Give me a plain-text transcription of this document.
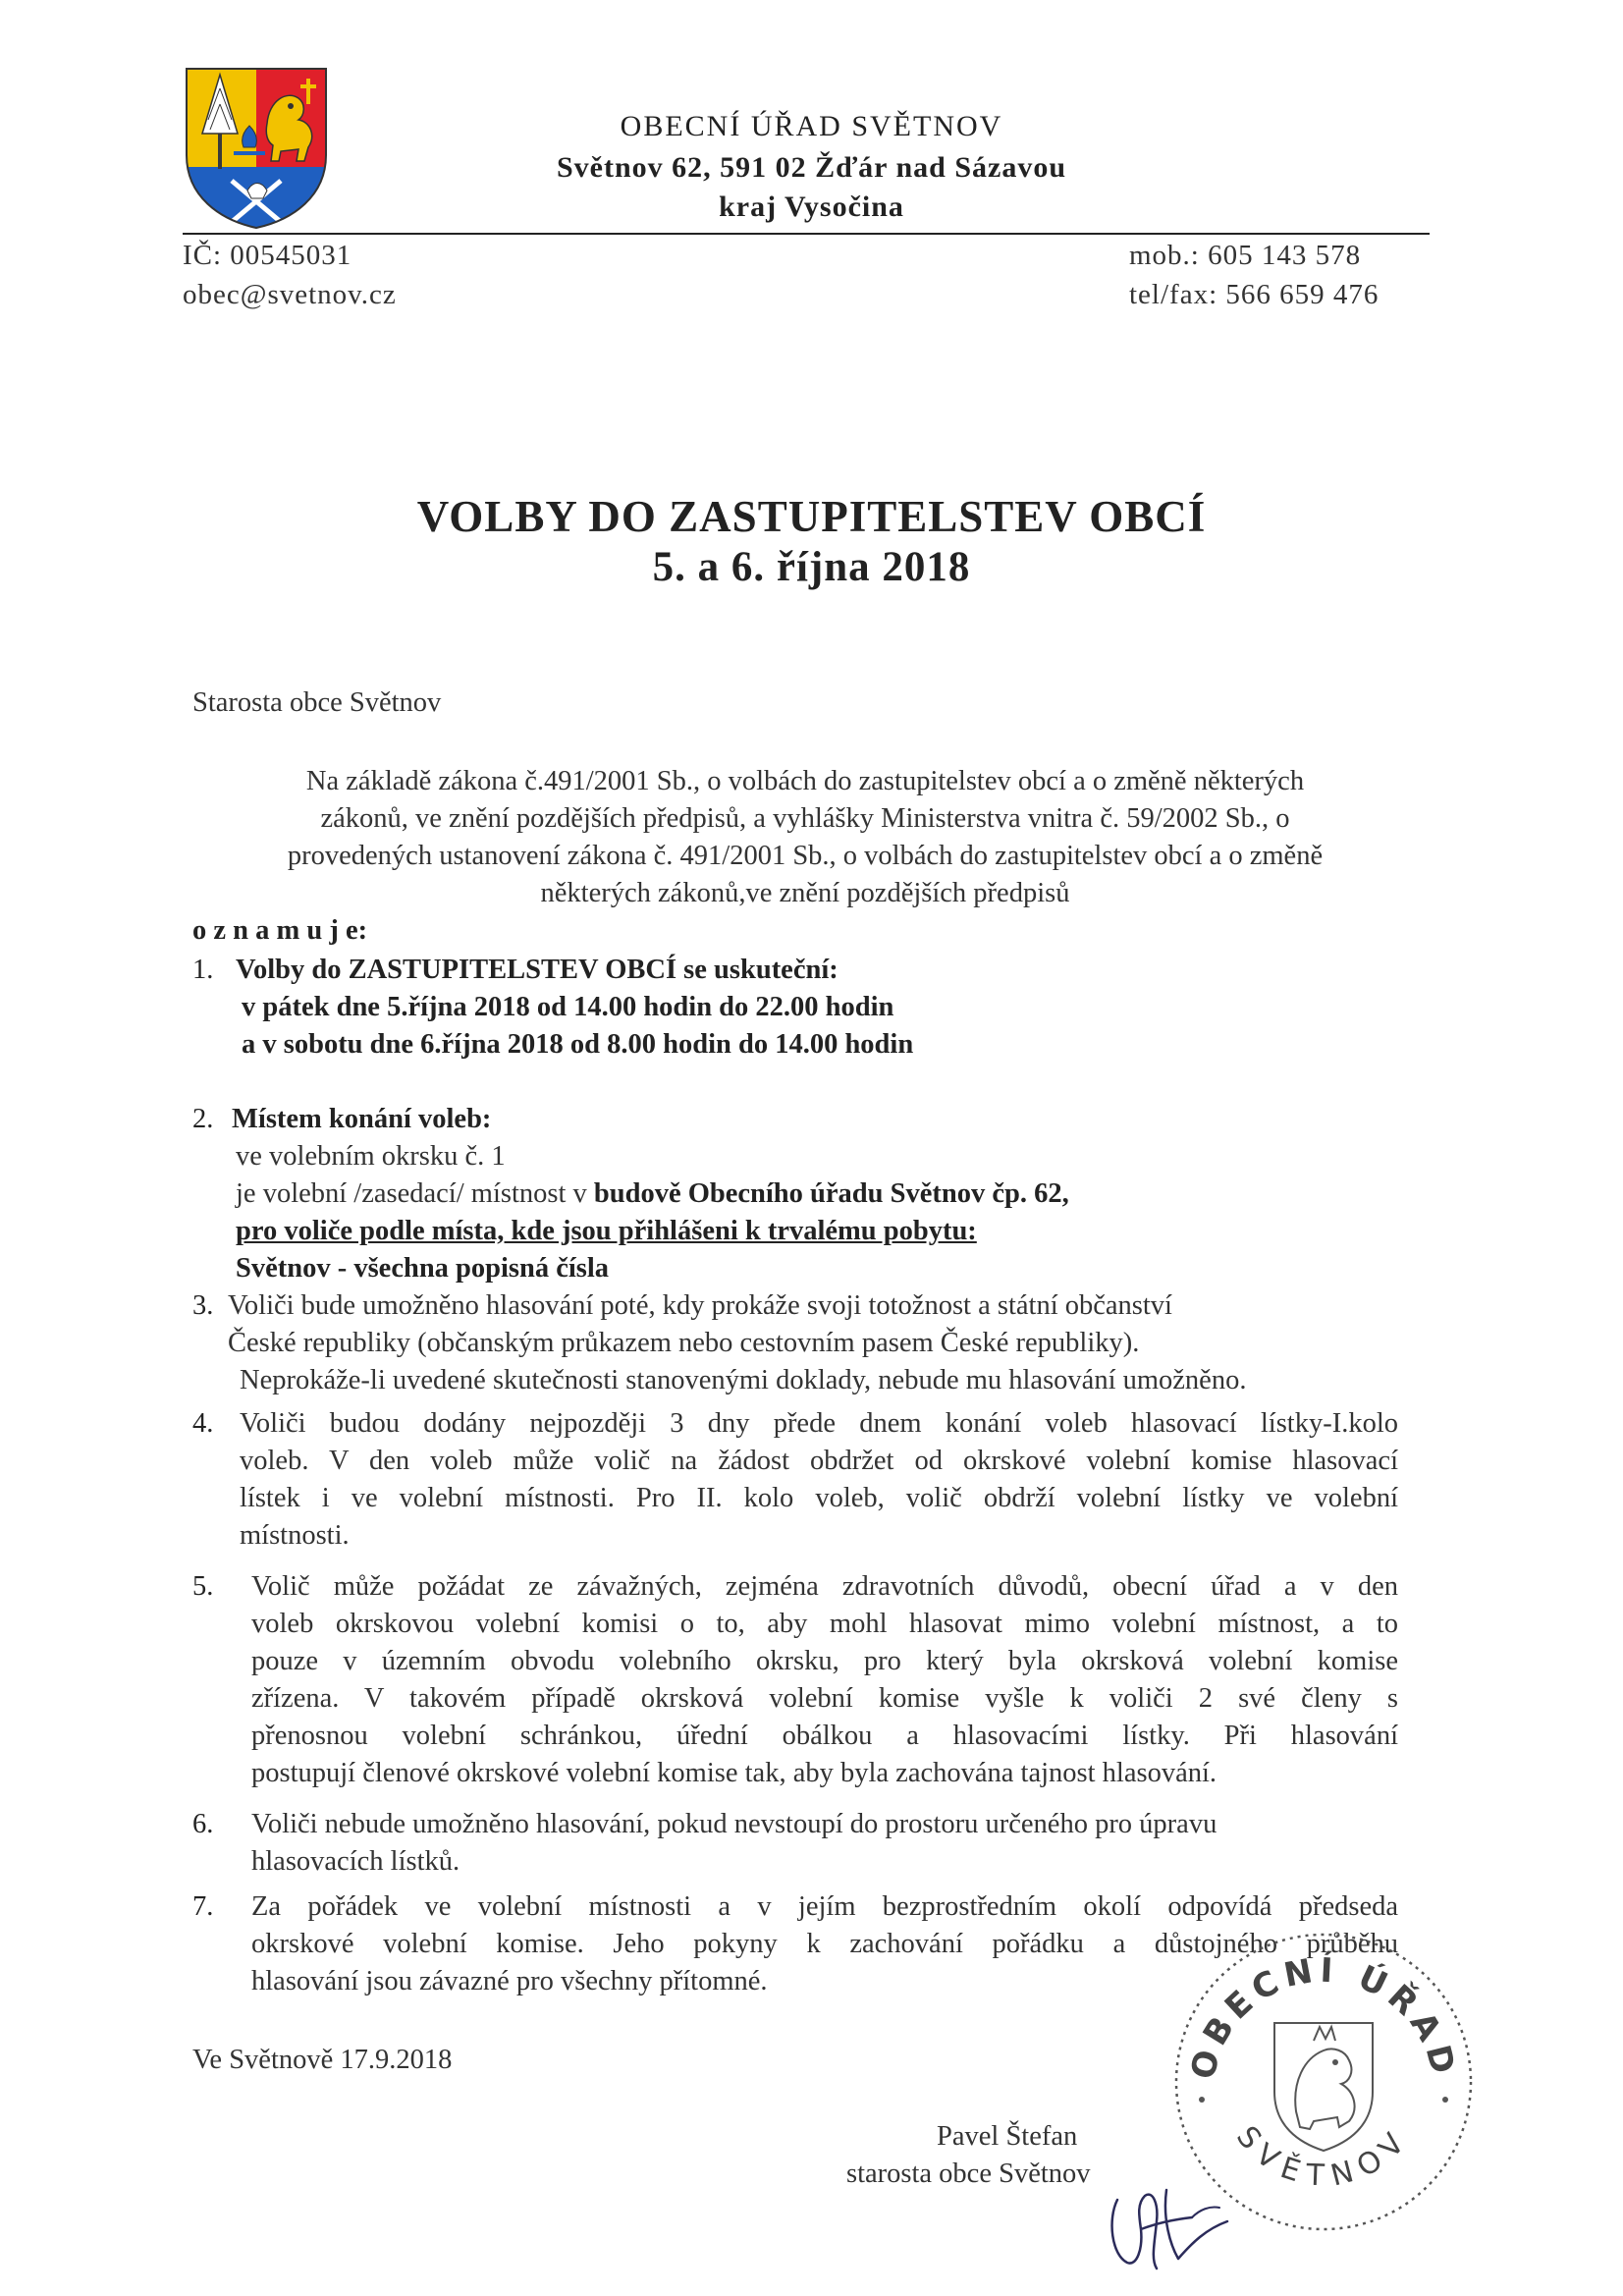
OBECNÍ ÚŘAD SVĚTNOV
Světnov 62, 591 02 Žďár nad Sázavou
kraj Vysočina
IČ: 00545031
obec@svetnov.cz
mob.: 605 143 578
tel/fax: 566 659 476
VOLBY DO ZASTUPITELSTEV OBCÍ
5. a 6. října 2018
Starosta obce Světnov
Na základě zákona č.491/2001 Sb., o volbách do zastupitelstev obcí a o změně některých
zákonů, ve znění pozdějších předpisů, a vyhlášky Ministerstva vnitra č. 59/2002 Sb., o
provedených ustanovení zákona č. 491/2001 Sb., o volbách do zastupitelstev obcí a o změně
některých zákonů,ve znění pozdějších předpisů
o z n a m u j e:
1. Volby do ZASTUPITELSTEV OBCÍ se uskuteční:
v pátek dne 5.října 2018 od 14.00 hodin do 22.00 hodin
a v sobotu dne 6.října 2018 od 8.00 hodin do 14.00 hodin
2. Místem konání voleb:
ve volebním okrsku č. 1
je volební /zasedací/ místnost v budově Obecního úřadu Světnov čp. 62,
pro voliče podle místa, kde jsou přihlášeni k trvalému pobytu:
Světnov - všechna popisná čísla
3. Voliči bude umožněno hlasování poté, kdy prokáže svoji totožnost a státní občanství
České republiky (občanským průkazem nebo cestovním pasem České republiky).
Neprokáže-li uvedené skutečnosti stanovenými doklady, nebude mu hlasování umožněno.
4. Voliči budou dodány nejpozději 3 dny přede dnem konání voleb hlasovací lístky-I.kolo
voleb. V den voleb může volič na žádost obdržet od okrskové volební komise hlasovací
lístek i ve volební místnosti. Pro II. kolo voleb, volič obdrží volební lístky ve volební
místnosti.
5. Volič může požádat ze závažných, zejména zdravotních důvodů, obecní úřad a v den
voleb okrskovou volební komisi o to, aby mohl hlasovat mimo volební místnost, a to
pouze v územním obvodu volebního okrsku, pro který byla okrsková volební komise
zřízena. V takovém případě okrsková volební komise vyšle k voliči 2 své členy s
přenosnou volební schránkou, úřední obálkou a hlasovacími lístky. Při hlasování
postupují členové okrskové volební komise tak, aby byla zachována tajnost hlasování.
6. Voliči nebude umožněno hlasování, pokud nevstoupí do prostoru určeného pro úpravu
hlasovacích lístků.
7. Za pořádek ve volební místnosti a v jejím bezprostředním okolí odpovídá předseda
okrskové volební komise. Jeho pokyny k zachování pořádku a důstojného průběhu
hlasování jsou závazné pro všechny přítomné.
Ve Světnově 17.9.2018
Pavel Štefan
starosta obce Světnov
OBECNÍ ÚŘAD
SVĚTNOV
